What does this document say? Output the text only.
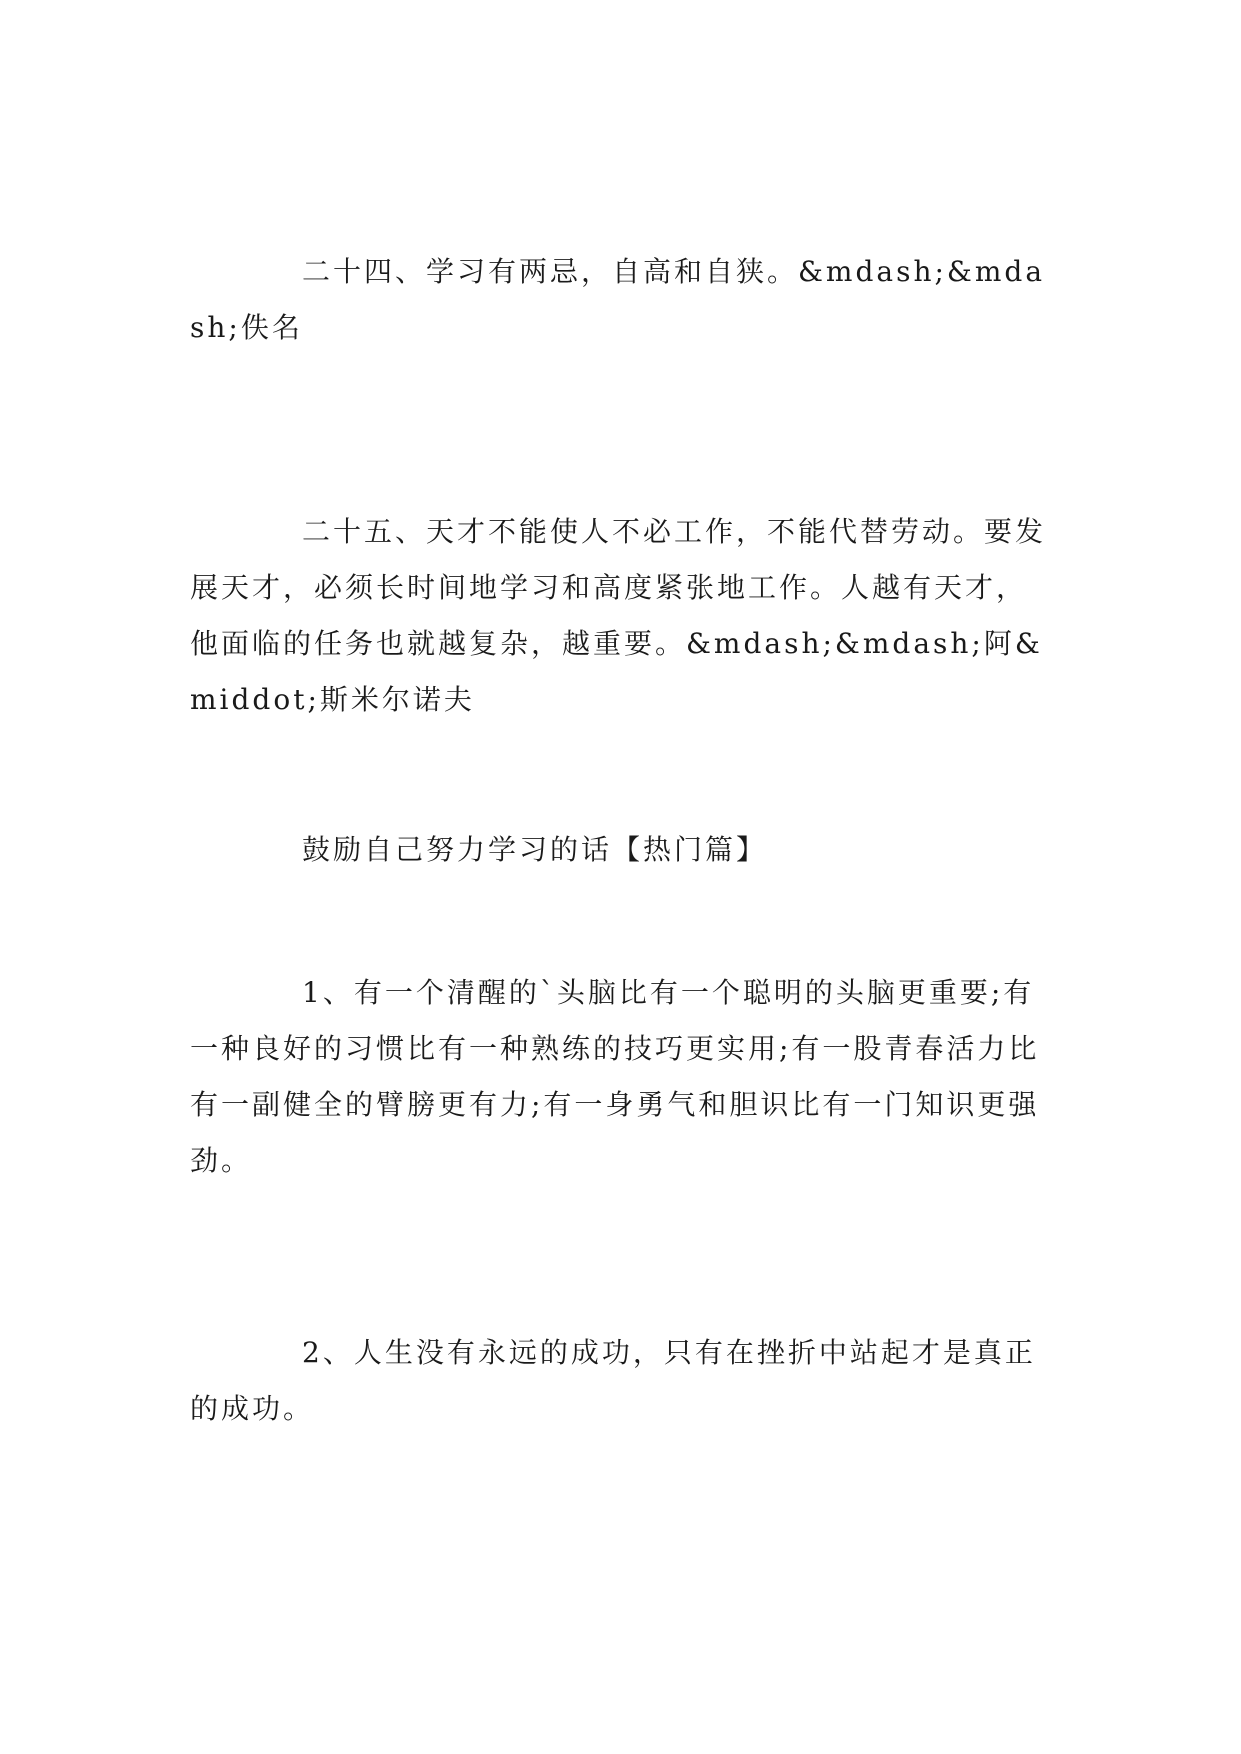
二十四、学习有两忌，自高和自狭。&mdash;&mdash;佚名

二十五、天才不能使人不必工作，不能代替劳动。要发展天才，必须长时间地学习和高度紧张地工作。人越有天才，他面临的任务也就越复杂，越重要。&mdash;&mdash;阿&middot;斯米尔诺夫

鼓励自己努力学习的话【热门篇】

1、有一个清醒的`头脑比有一个聪明的头脑更重要;有一种良好的习惯比有一种熟练的技巧更实用;有一股青春活力比有一副健全的臂膀更有力;有一身勇气和胆识比有一门知识更强劲。

2、人生没有永远的成功，只有在挫折中站起才是真正的成功。
